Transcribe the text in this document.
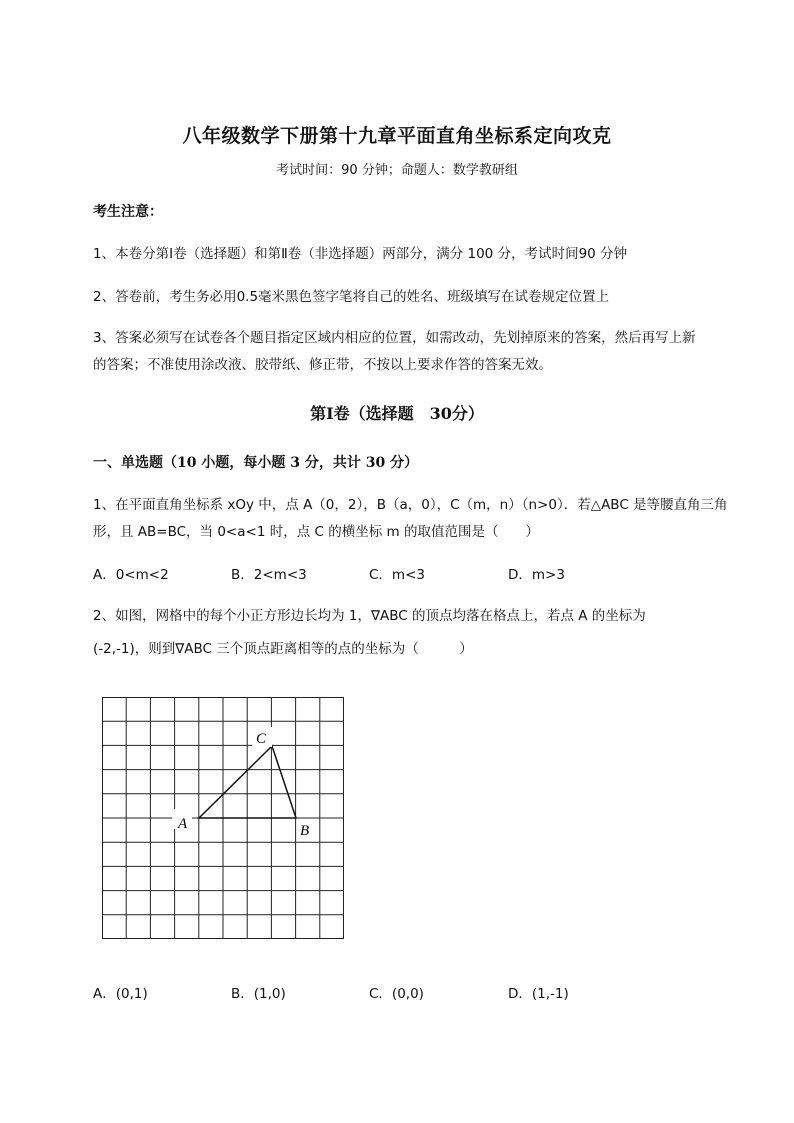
八年级数学下册第十九章平面直角坐标系定向攻克
考试时间：90 分钟；命题人：数学教研组
考生注意：
1、本卷分第Ⅰ卷（选择题）和第Ⅱ卷（非选择题）两部分，满分 100 分，考试时间90 分钟
2、答卷前，考生务必用0.5毫米黑色签字笔将自己的姓名、班级填写在试卷规定位置上
3、答案必须写在试卷各个题目指定区域内相应的位置，如需改动，先划掉原来的答案，然后再写上新
的答案；不准使用涂改液、胶带纸、修正带，不按以上要求作答的答案无效。
第Ⅰ卷（选择题　30分）
一、单选题（10 小题，每小题 3 分，共计 30 分）
1、在平面直角坐标系 xOy 中，点 A（0，2），B（a，0），C（m，n）（n>0）．若△ABC 是等腰直角三角
形，且 AB=BC，当 0<a<1 时，点 C 的横坐标 m 的取值范围是（　　）
A．0<m<2	B．2<m<3	C．m<3	D．m>3
2、如图，网格中的每个小正方形边长均为 1，∇ABC 的顶点均落在格点上，若点 A 的坐标为
(-2,-1)，则到∇ABC 三个顶点距离相等的点的坐标为（　　　）
A	B
C
A．(0,1)	B．(1,0)	C．(0,0)	D．(1,-1)
